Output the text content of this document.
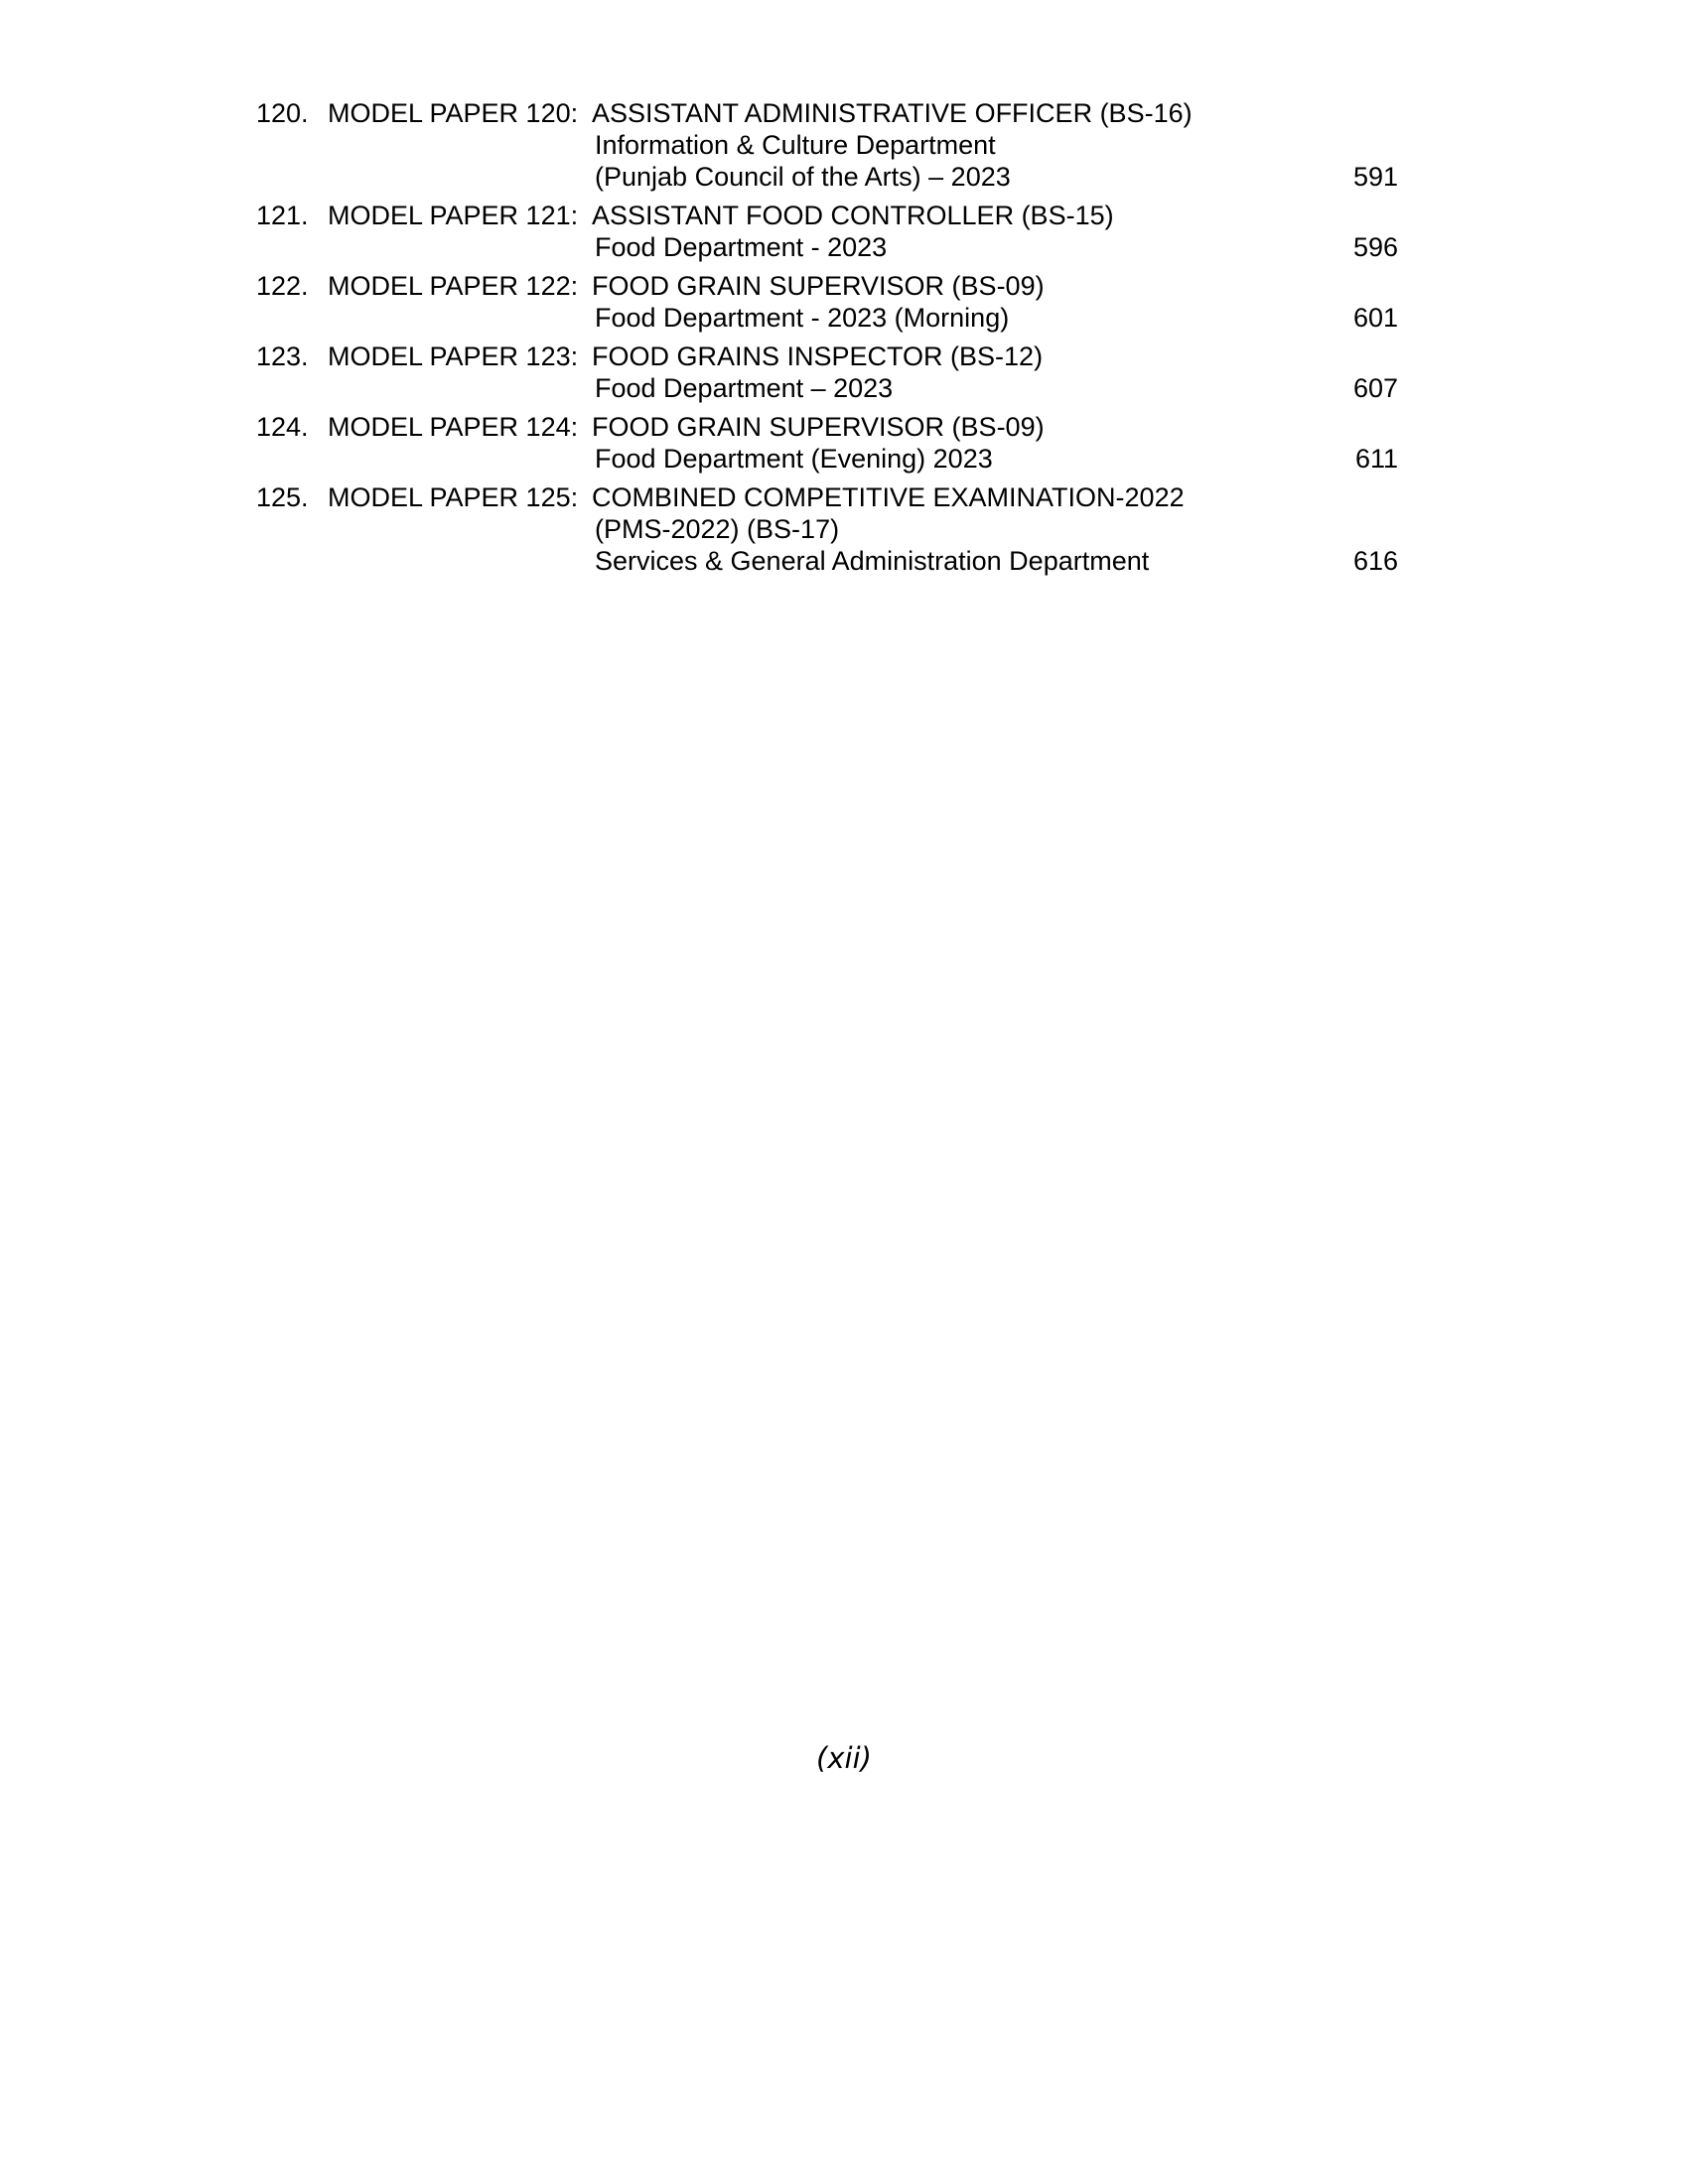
120. MODEL PAPER 120: ASSISTANT ADMINISTRATIVE OFFICER (BS-16)
Information & Culture Department
(Punjab Council of the Arts) – 2023	591
121. MODEL PAPER 121: ASSISTANT FOOD CONTROLLER (BS-15)
Food Department - 2023	596
122. MODEL PAPER 122: FOOD GRAIN SUPERVISOR (BS-09)
Food Department - 2023 (Morning)	601
123. MODEL PAPER 123: FOOD GRAINS INSPECTOR (BS-12)
Food Department – 2023	607
124. MODEL PAPER 124: FOOD GRAIN SUPERVISOR (BS-09)
Food Department (Evening) 2023	611
125. MODEL PAPER 125: COMBINED COMPETITIVE EXAMINATION-2022
(PMS-2022) (BS-17)
Services & General Administration Department	616
(xii)
